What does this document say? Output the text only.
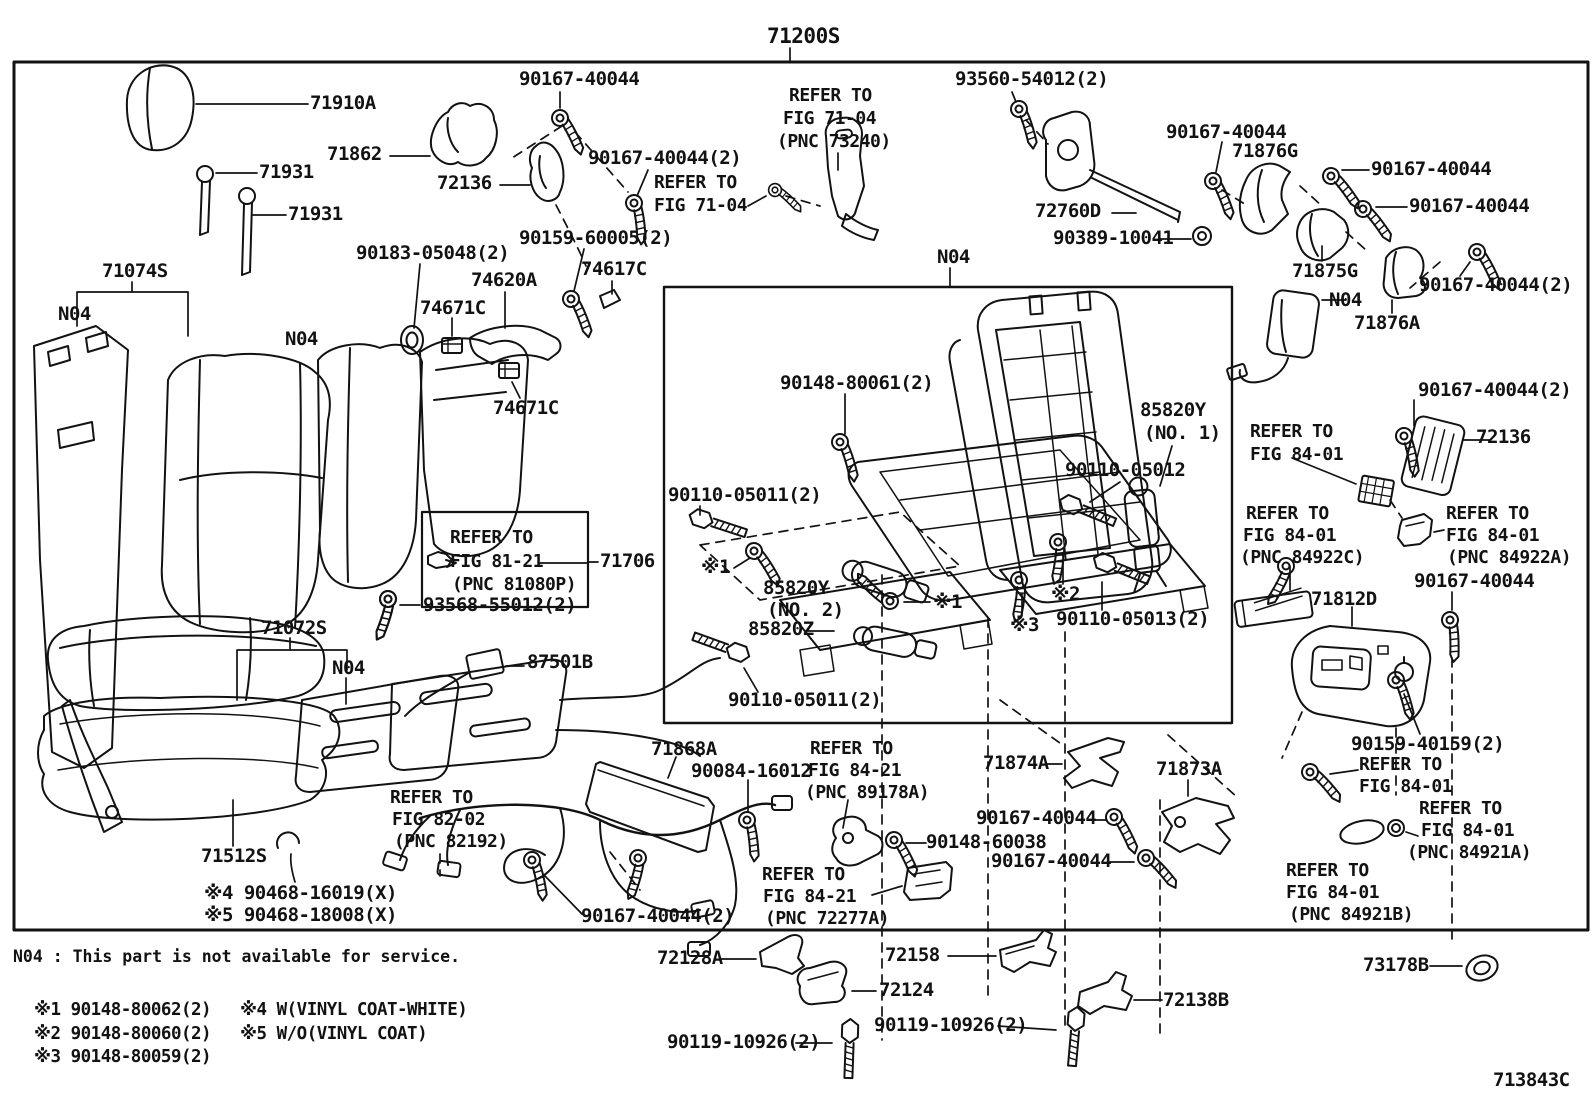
71200S
90167-40044
71910A
71862	90167-40044(2)
REFER TO
FIG 71-04
72136
71931
71931
90183-05048(2)
90159-60005(2)
74620A 74617C
74671C
71074S
N04
N04
74671C
REFER TO
FIG 71-04
(PNC 73240)
93560-54012(2)
90167-40044
71876G
72760D
90389-10041
90167-40044
90167-40044
71875G
N04
71876A
90167-40044(2)
N04
90148-80061(2)
85820Y
(NO. 1)
90110-05012
90110-05011(2)
※1
85820Y
(NO. 2)
85820Z
※1	※2
※3 90110-05013(2)
90110-05011(2)
90167-40044(2)
REFER TO
FIG 84-01
72136
REFER TO
FIG 84-01
(PNC 84922C)
REFER TO
FIG 84-01
(PNC 84922A)
71812D
90167-40044
90159-40159(2)
REFER TO
FIG 84-01
REFER TO
FIG 84-01
(PNC 84921A)
REFER TO
FIG 84-01
(PNC 84921B)
71868A
90084-16012
REFER TO
FIG 84-21
(PNC 89178A)
71874A	71873A
90167-40044
90148-60038
90167-40044
REFER TO
FIG 84-21
(PNC 72277A)
90167-40044(2)
REFER TO
FIG 82-02
(PNC 82192)
87501B
71072S
N04
71512S
※4 90468-16019(X)
※5 90468-18008(X)
72128A	72158
72124
90119-10926(2)
90119-10926(2)
72138B
73178B
71706
REFER TO
FIG 81-21
(PNC 81080P)
93568-55012(2)
N04 : This part is not available for service.
※1 90148-80062(2)
※2 90148-80060(2)
※3 90148-80059(2)
※4 W(VINYL COAT-WHITE)
※5 W/O(VINYL COAT)
713843C
